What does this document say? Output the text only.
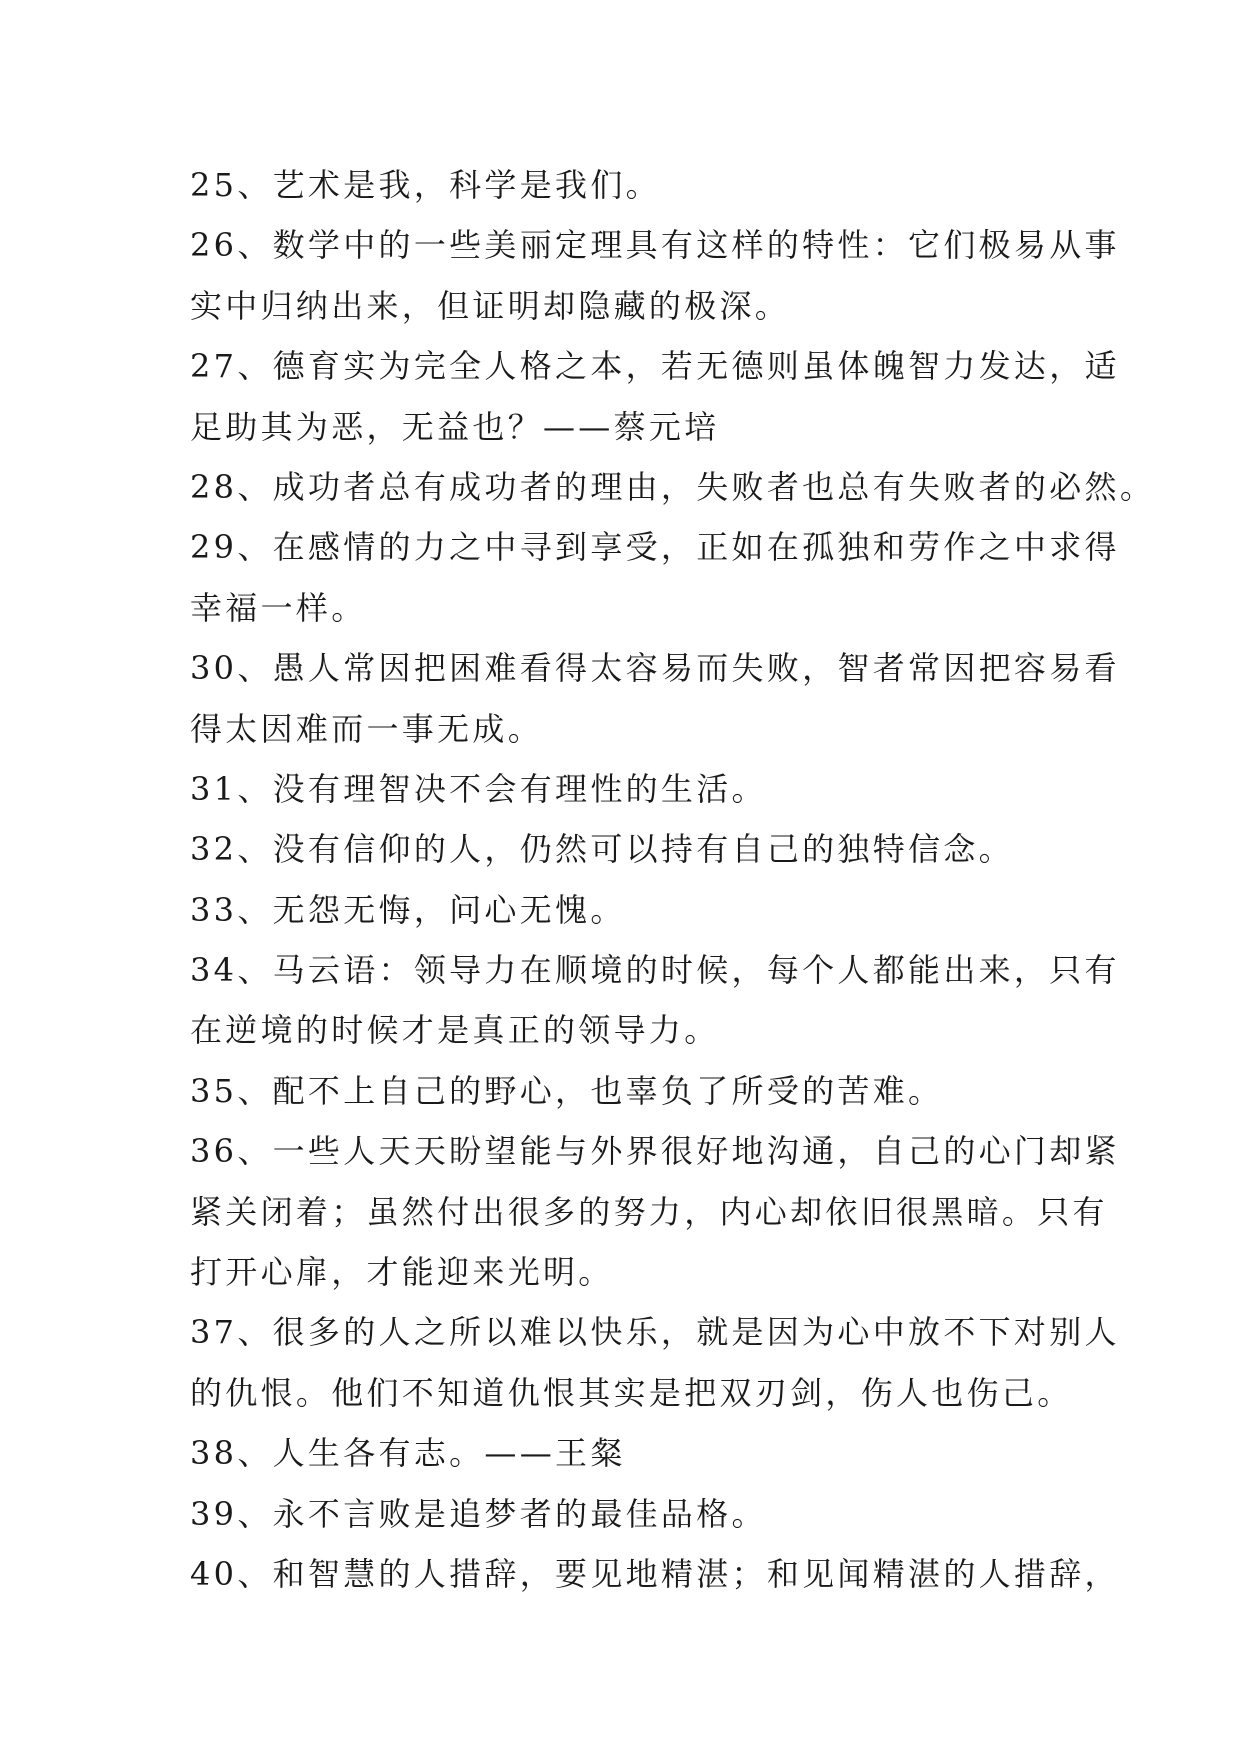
25、艺术是我，科学是我们。
26、数学中的一些美丽定理具有这样的特性：它们极易从事
实中归纳出来，但证明却隐藏的极深。
27、德育实为完全人格之本，若无德则虽体魄智力发达，适
足助其为恶，无益也？——蔡元培
28、成功者总有成功者的理由，失败者也总有失败者的必然。
29、在感情的力之中寻到享受，正如在孤独和劳作之中求得
幸福一样。
30、愚人常因把困难看得太容易而失败，智者常因把容易看
得太因难而一事无成。
31、没有理智决不会有理性的生活。
32、没有信仰的人，仍然可以持有自己的独特信念。
33、无怨无悔，问心无愧。
34、马云语：领导力在顺境的时候，每个人都能出来，只有
在逆境的时候才是真正的领导力。
35、配不上自己的野心，也辜负了所受的苦难。
36、一些人天天盼望能与外界很好地沟通，自己的心门却紧
紧关闭着；虽然付出很多的努力，内心却依旧很黑暗。只有
打开心扉，才能迎来光明。
37、很多的人之所以难以快乐，就是因为心中放不下对别人
的仇恨。他们不知道仇恨其实是把双刃剑，伤人也伤己。
38、人生各有志。——王粲
39、永不言败是追梦者的最佳品格。
40、和智慧的人措辞，要见地精湛；和见闻精湛的人措辞，
